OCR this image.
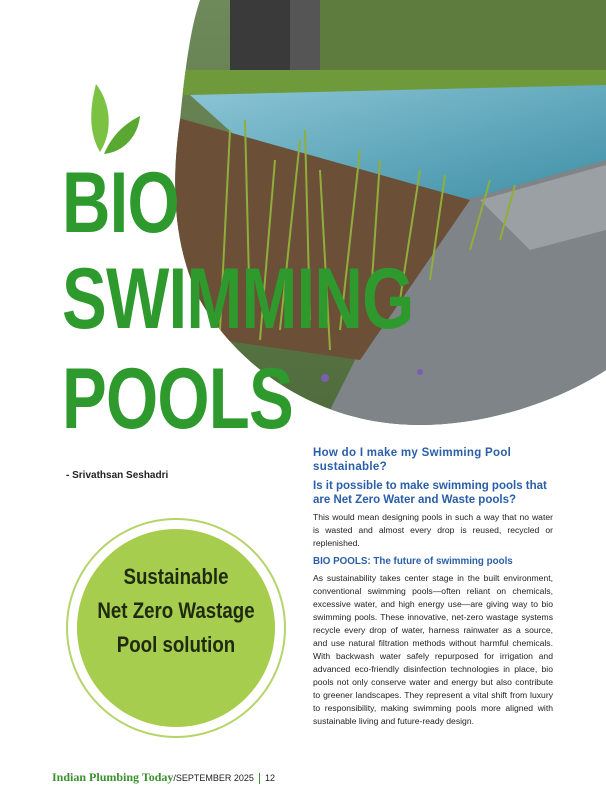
BIO
SWIMMING
POOLS
- Srivathsan Seshadri
Sustainable
Net Zero Wastage
Pool solution
How do I make my Swimming Pool sustainable?
Is it possible to make swimming pools that are Net Zero Water and Waste pools?
This would mean designing pools in such a way that no water is wasted and almost every drop is reused, recycled or replenished.
BIO POOLS: The future of swimming pools
As sustainability takes center stage in the built environment, conventional swimming pools—often reliant on chemicals, excessive water, and high energy use—are giving way to bio swimming pools. These innovative, net-zero wastage systems recycle every drop of water, harness rainwater as a source, and use natural filtration methods without harmful chemicals. With backwash water safely repurposed for irrigation and advanced eco-friendly disinfection technologies in place, bio pools not only conserve water and energy but also contribute to greener landscapes. They represent a vital shift from luxury to responsibility, making swimming pools more aligned with sustainable living and future-ready design.
Indian Plumbing Today/SEPTEMBER 2025 12
